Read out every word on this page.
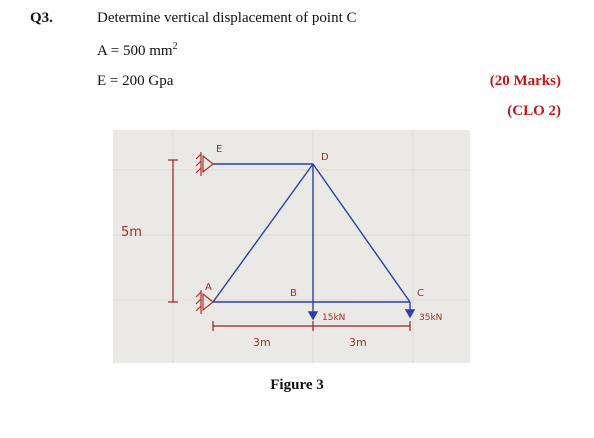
Q3.	Determine vertical displacement of point C
A = 500 $mm^2$
E = 200 Gpa	(20 Marks)
(CLO 2)
5m
E
D
A
B	C
15kN	35kN
3m	3m
Figure 3
